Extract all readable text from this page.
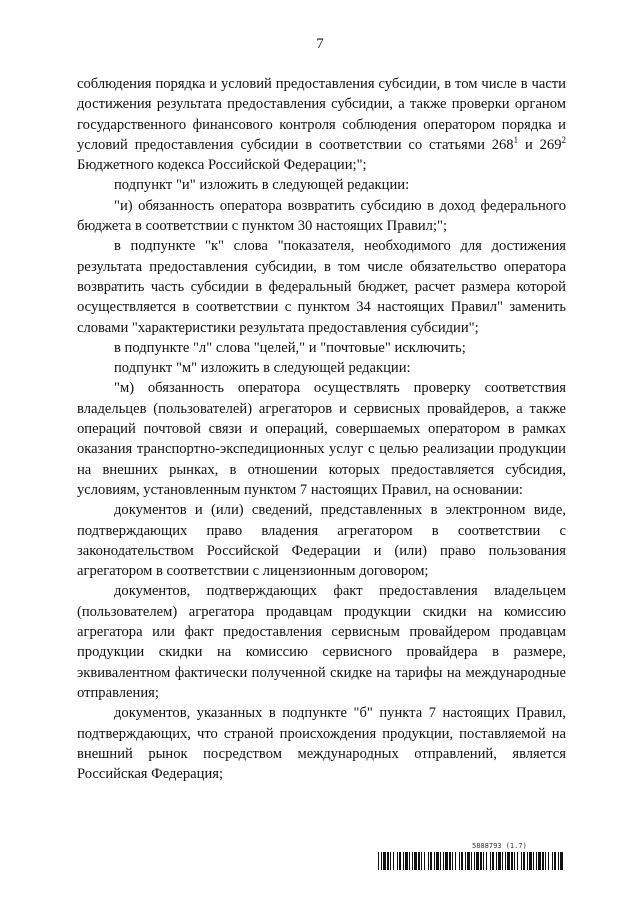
7

соблюдения порядка и условий предоставления субсидии, в том числе в части достижения результата предоставления субсидии, а также проверки органом государственного финансового контроля соблюдения оператором порядка и условий предоставления субсидии в соответствии со статьями $268^1$ и $269^2$ Бюджетного кодекса Российской Федерации;";

подпункт "и" изложить в следующей редакции:

"и) обязанность оператора возвратить субсидию в доход федерального бюджета в соответствии с пунктом 30 настоящих Правил;";

в подпункте "к" слова "показателя, необходимого для достижения результата предоставления субсидии, в том числе обязательство оператора возвратить часть субсидии в федеральный бюджет, расчет размера которой осуществляется в соответствии с пунктом 34 настоящих Правил" заменить словами "характеристики результата предоставления субсидии";

в подпункте "л" слова "целей," и "почтовые" исключить;

подпункт "м" изложить в следующей редакции:

"м) обязанность оператора осуществлять проверку соответствия владельцев (пользователей) агрегаторов и сервисных провайдеров, а также операций почтовой связи и операций, совершаемых оператором в рамках оказания транспортно-экспедиционных услуг с целью реализации продукции на внешних рынках, в отношении которых предоставляется субсидия, условиям, установленным пунктом 7 настоящих Правил, на основании:

документов и (или) сведений, представленных в электронном виде, подтверждающих право владения агрегатором в соответствии с законодательством Российской Федерации и (или) право пользования агрегатором в соответствии с лицензионным договором;

документов, подтверждающих факт предоставления владельцем (пользователем) агрегатора продавцам продукции скидки на комиссию агрегатора или факт предоставления сервисным провайдером продавцам продукции скидки на комиссию сервисного провайдера в размере, эквивалентном фактически полученной скидке на тарифы на международные отправления;

документов, указанных в подпункте "б" пункта 7 настоящих Правил, подтверждающих, что страной происхождения продукции, поставляемой на внешний рынок посредством международных отправлений, является Российская Федерация;

5888793 (1.7)
